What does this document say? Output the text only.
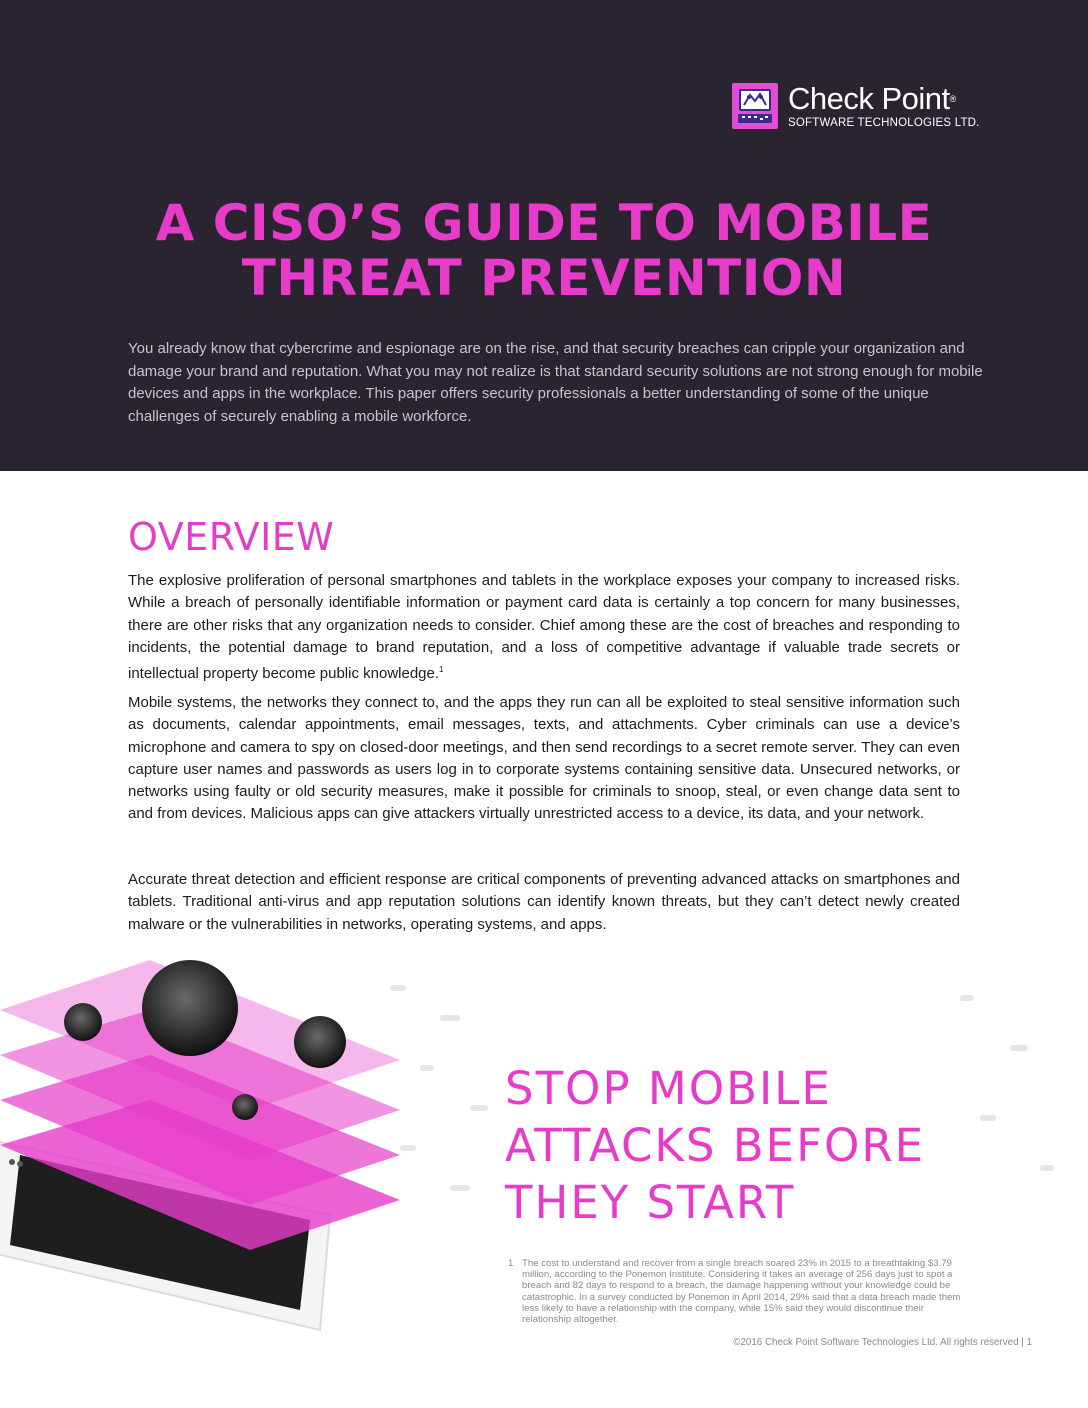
Check Point®
SOFTWARE TECHNOLOGIES LTD.
A CISO’S GUIDE TO MOBILE
THREAT PREVENTION

You already know that cybercrime and espionage are on the rise, and that security breaches can cripple your organization and damage your brand and reputation. What you may not realize is that standard security solutions are not strong enough for mobile devices and apps in the workplace. This paper offers security professionals a better understanding of some of the unique challenges of securely enabling a mobile workforce.

OVERVIEW

The explosive proliferation of personal smartphones and tablets in the workplace exposes your company to increased risks. While a breach of personally identifiable information or payment card data is certainly a top concern for many businesses, there are other risks that any organization needs to consider. Chief among these are the cost of breaches and responding to incidents, the potential damage to brand reputation, and a loss of competitive advantage if valuable trade secrets or intellectual property become public knowledge.$^1$

Mobile systems, the networks they connect to, and the apps they run can all be exploited to steal sensitive information such as documents, calendar appointments, email messages, texts, and attachments. Cyber criminals can use a device’s microphone and camera to spy on closed-door meetings, and then send recordings to a secret remote server. They can even capture user names and passwords as users log in to corporate systems containing sensitive data. Unsecured networks, or networks using faulty or old security measures, make it possible for criminals to snoop, steal, or even change data sent to and from devices. Malicious apps can give attackers virtually unrestricted access to a device, its data, and your network.

Accurate threat detection and efficient response are critical components of preventing advanced attacks on smartphones and tablets. Traditional anti-virus and app reputation solutions can identify known threats, but they can’t detect newly created malware or the vulnerabilities in networks, operating systems, and apps.

STOP MOBILE
ATTACKS BEFORE
THEY START
1 The cost to understand and recover from a single breach soared 23% in 2015 to a breathtaking $3.79 million, according to the Ponemon Institute. Considering it takes an average of 256 days just to spot a breach and 82 days to respond to a breach, the damage happening without your knowledge could be catastrophic. In a survey conducted by Ponemon in April 2014, 29% said that a data breach made them less likely to have a relationship with the company, while 15% said they would discontinue their relationship altogether.
©2016 Check Point Software Technologies Ltd. All rights reserved | 1
